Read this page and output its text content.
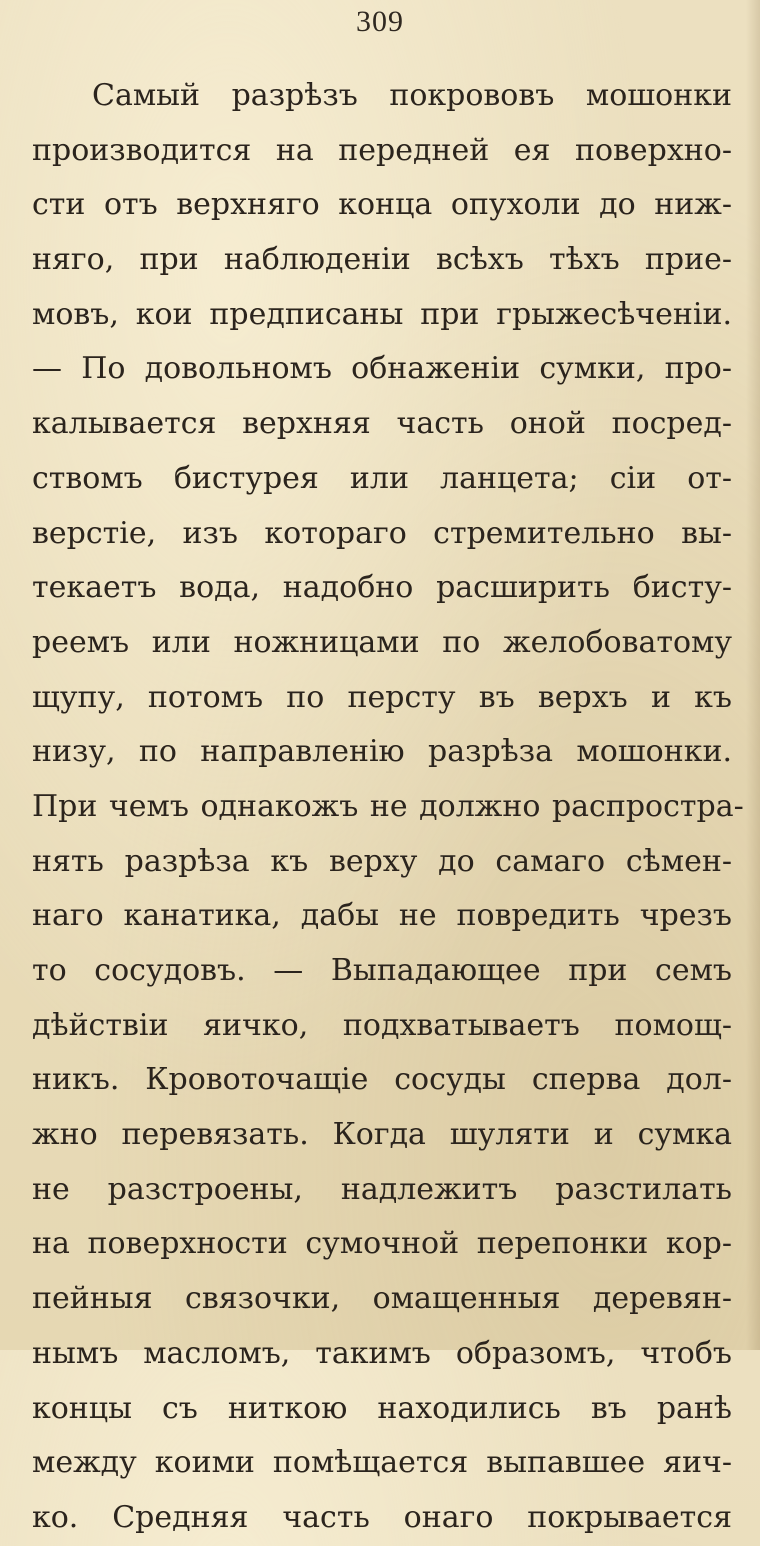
309
Самый разрѣзъ покрововъ мошонки
производится на передней ея поверхно-
сти отъ верхняго конца опухоли до ниж-
няго, при наблюденіи всѣхъ тѣхъ прие-
мовъ, кои предписаны при грыжесѣченіи.
— По довольномъ обнаженіи сумки, про-
калывается верхняя часть оной посред-
ствомъ бистурея или ланцета; сіи от-
верстіе, изъ котораго стремительно вы-
текаетъ вода, надобно расширить бисту-
реемъ или ножницами по желобоватому
щупу, потомъ по персту въ верхъ и къ
низу, по направленію разрѣза мошонки.
При чемъ однакожъ не должно распростра-
нять разрѣза къ верху до самаго сѣмен-
наго канатика, дабы не повредить чрезъ
то сосудовъ. — Выпадающее при семъ
дѣйствіи яичко, подхватываетъ помощ-
никъ. Кровоточащіе сосуды сперва дол-
жно перевязать. Когда шуляти и сумка
не разстроены, надлежитъ разстилать
на поверхности сумочной перепонки кор-
пейныя связочки, омащенныя деревян-
нымъ масломъ, такимъ образомъ, чтобъ
концы съ ниткою находились въ ранѣ
между коими помѣщается выпавшее яич-
ко. Средняя часть онаго покрывается
